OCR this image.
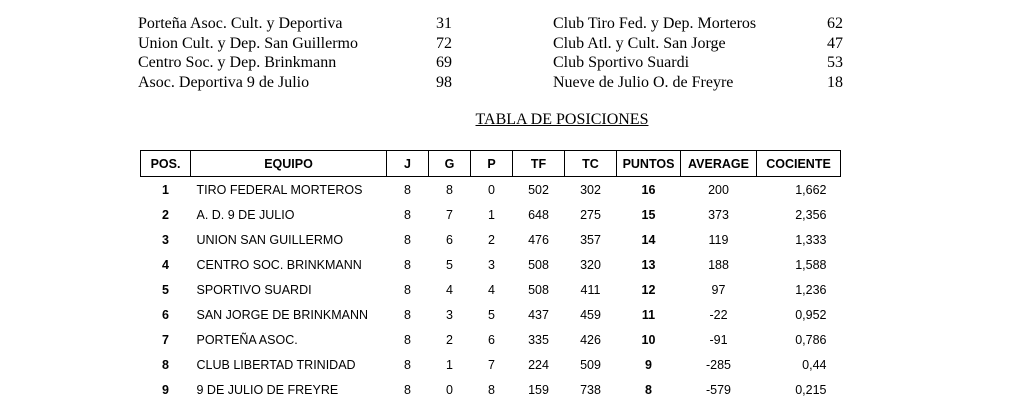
Porteña Asoc. Cult. y Deportiva	31
Union Cult. y Dep. San Guillermo	72
Centro Soc. y Dep. Brinkmann	69
Asoc. Deportiva 9 de Julio	98
Club Tiro Fed. y Dep. Morteros	62
Club Atl. y Cult. San Jorge	47
Club Sportivo Suardi	53
Nueve de Julio O. de Freyre	18
TABLA DE POSICIONES
POS.	EQUIPO	J	G	P	TF	TC	PUNTOS	AVERAGE	COCIENTE
1	TIRO FEDERAL MORTEROS	8	8	0	502	302	16	200	1,662
2	A. D. 9 DE JULIO	8	7	1	648	275	15	373	2,356
3	UNION SAN GUILLERMO	8	6	2	476	357	14	119	1,333
4	CENTRO SOC. BRINKMANN	8	5	3	508	320	13	188	1,588
5	SPORTIVO SUARDI	8	4	4	508	411	12	97	1,236
6	SAN JORGE DE BRINKMANN	8	3	5	437	459	11	-22	0,952
7	PORTEÑA ASOC.	8	2	6	335	426	10	-91	0,786
8	CLUB LIBERTAD TRINIDAD	8	1	7	224	509	9	-285	0,44
9	9 DE JULIO DE FREYRE	8	0	8	159	738	8	-579	0,215
